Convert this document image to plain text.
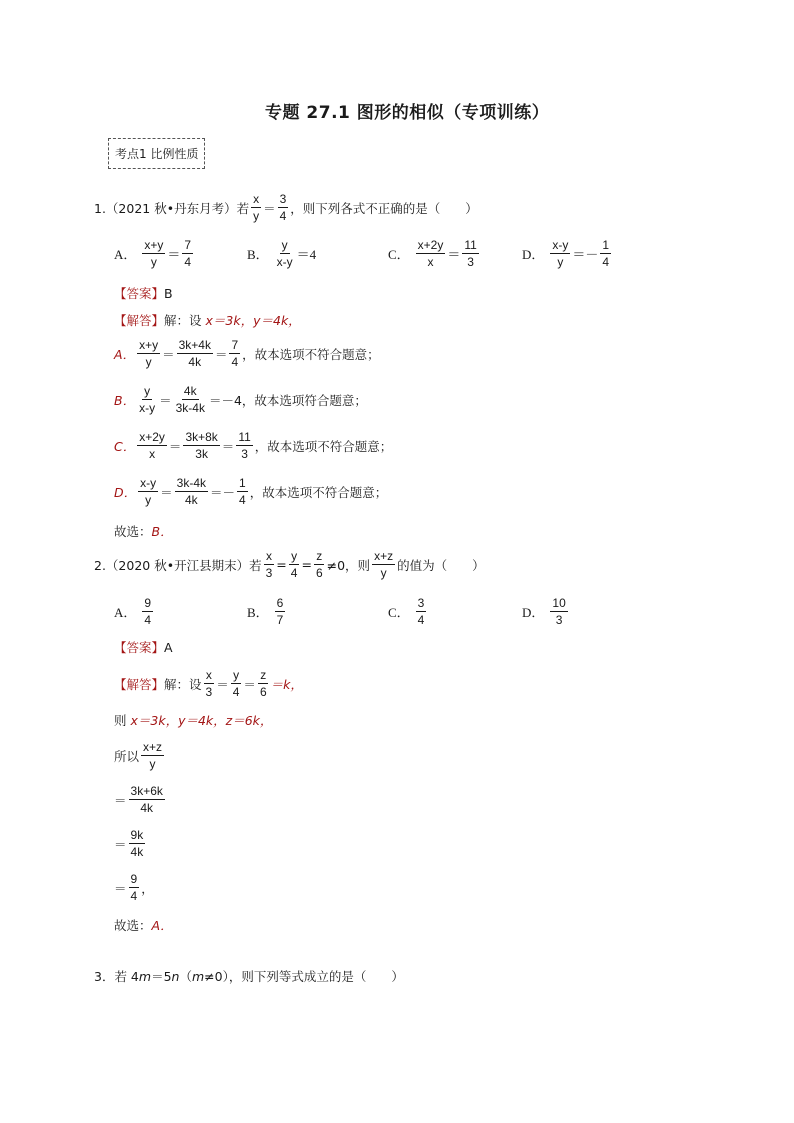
专题 27.1 图形的相似（专项训练）
考点1 比例性质
1.（2021 秋•丹东月考）若 $\frac{x}{y} = \frac{3}{4}$ ，则下列各式不正确的是（　　）
A． $\frac{x+y}{y} = \frac{7}{4}$	B． $\frac{y}{x-y} =4$	C． $\frac{x+2y}{x} = \frac{11}{3}$	D． $\frac{x-y}{y} =- \frac{1}{4}$
【答案】B
【解答】解：设 x＝3k，y＝4k，
A． $\frac{x+y}{y} = \frac{3k+4k}{4k} = \frac{7}{4}$ ，故本选项不符合题意；
B． $\frac{y}{x-y} = \frac{4k}{3k-4k} =-4$ ，故本选项符合题意；
C． $\frac{x+2y}{x} = \frac{3k+8k}{3k} = \frac{11}{3}$ ，故本选项不符合题意；
D． $\frac{x-y}{y} = \frac{3k-4k}{4k} =- \frac{1}{4}$ ，故本选项不符合题意；
故选：B．
2.（2020 秋•开江县期末）若 $\frac{x}{3} = \frac{y}{4} = \frac{z}{6} \ne 0$，则 $\frac{x+z}{y}$ 的值为（　　）
A． $\frac{9}{4}$	B． $\frac{6}{7}$	C． $\frac{3}{4}$	D． $\frac{10}{3}$
【答案】A
【解答】 解：设 $\frac{x}{3} = \frac{y}{4} = \frac{z}{6} =k$，
则 x＝3k，y＝4k，z＝6k，
所以 $\frac{x+z}{y}$
＝ $\frac{3k+6k}{4k}$
＝ $\frac{9k}{4k}$
＝ $\frac{9}{4}$ ，
故选：A．
3．若 4m＝5n（m≠0），则下列等式成立的是（　　）
